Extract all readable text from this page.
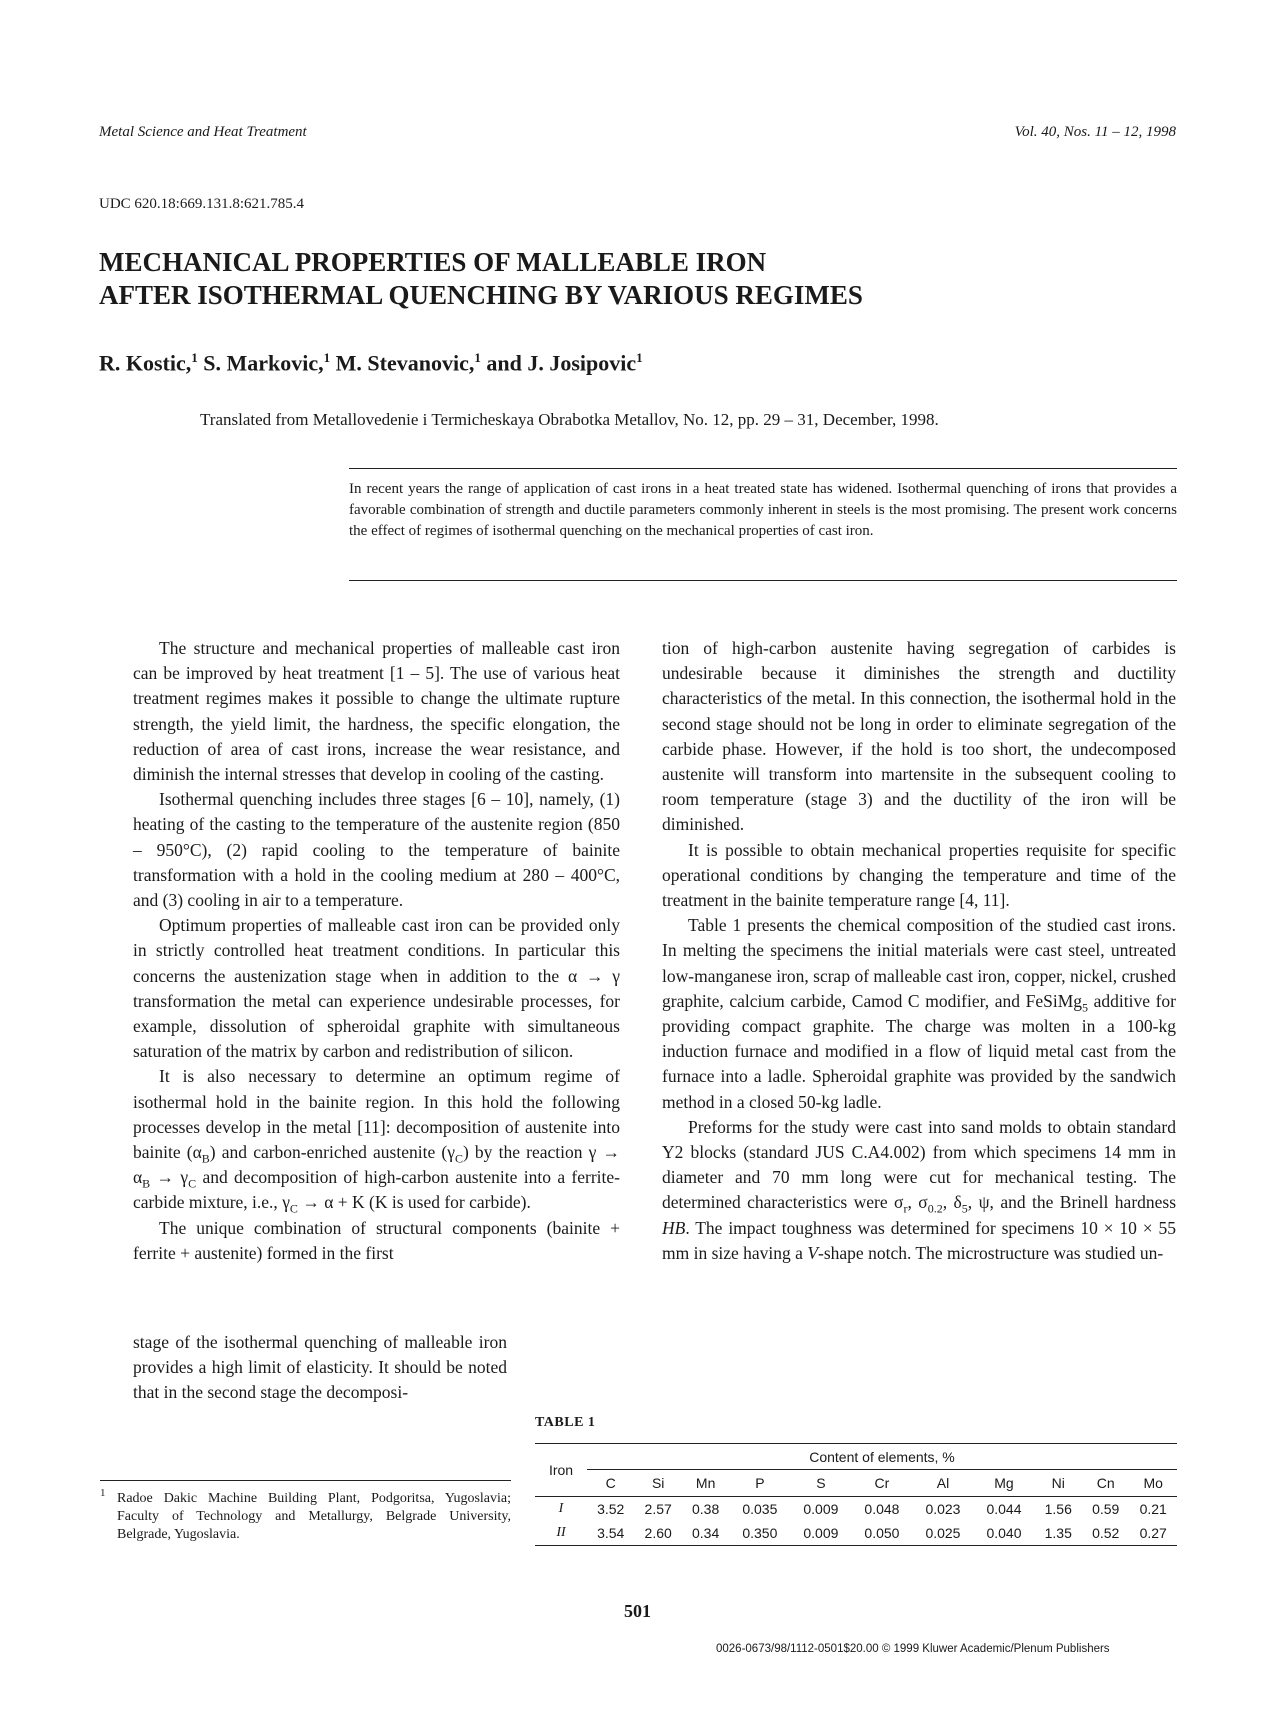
Metal Science and Heat Treatment	Vol. 40, Nos. 11 – 12, 1998
UDC 620.18:669.131.8:621.785.4
MECHANICAL PROPERTIES OF MALLEABLE IRON
AFTER ISOTHERMAL QUENCHING BY VARIOUS REGIMES
R. Kostic,$^1$ S. Markovic,$^1$ M. Stevanovic,$^1$ and J. Josipovic$^1$
Translated from Metallovedenie i Termicheskaya Obrabotka Metallov, No. 12, pp. 29 – 31, December, 1998.
In recent years the range of application of cast irons in a heat treated state has widened. Isothermal quenching of irons that provides a favorable combination of strength and ductile parameters commonly inherent in steels is the most promising. The present work concerns the effect of regimes of isothermal quenching on the mechanical properties of cast iron.

The structure and mechanical properties of malleable cast iron can be improved by heat treatment [1 – 5]. The use of various heat treatment regimes makes it possible to change the ultimate rupture strength, the yield limit, the hardness, the specific elongation, the reduction of area of cast irons, increase the wear resistance, and diminish the internal stresses that develop in cooling of the casting.

Isothermal quenching includes three stages [6 – 10], namely, (1) heating of the casting to the temperature of the austenite region (850 – 950°C), (2) rapid cooling to the temperature of bainite transformation with a hold in the cooling medium at 280 – 400°C, and (3) cooling in air to a temperature.

Optimum properties of malleable cast iron can be provided only in strictly controlled heat treatment conditions. In particular this concerns the austenization stage when in addition to the α → γ transformation the metal can experience undesirable processes, for example, dissolution of spheroidal graphite with simultaneous saturation of the matrix by carbon and redistribution of silicon.

It is also necessary to determine an optimum regime of isothermal hold in the bainite region. In this hold the following processes develop in the metal [11]: decomposition of austenite into bainite $(\alpha_B)$ and carbon-enriched austenite $(\gamma_C)$ by the reaction $\gamma \to \alpha_B \to \gamma_C$ and decomposition of high-carbon austenite into a ferrite-carbide mixture, i.e., $\gamma_C \to \alpha + K$ (K is used for carbide).

The unique combination of structural components (bainite + ferrite + austenite) formed in the first

stage of the isothermal quenching of malleable iron provides a high limit of elasticity. It should be noted that in the second stage the decomposi-

tion of high-carbon austenite having segregation of carbides is undesirable because it diminishes the strength and ductility characteristics of the metal. In this connection, the isothermal hold in the second stage should not be long in order to eliminate segregation of the carbide phase. However, if the hold is too short, the undecomposed austenite will transform into martensite in the subsequent cooling to room temperature (stage 3) and the ductility of the iron will be diminished.

It is possible to obtain mechanical properties requisite for specific operational conditions by changing the temperature and time of the treatment in the bainite temperature range [4, 11].

Table 1 presents the chemical composition of the studied cast irons. In melting the specimens the initial materials were cast steel, untreated low-manganese iron, scrap of malleable cast iron, copper, nickel, crushed graphite, calcium carbide, Camod C modifier, and FeSiMg$_5$ additive for providing compact graphite. The charge was molten in a 100-kg induction furnace and modified in a flow of liquid metal cast from the furnace into a ladle. Spheroidal graphite was provided by the sandwich method in a closed 50-kg ladle.

Preforms for the study were cast into sand molds to obtain standard Y2 blocks (standard JUS C.A4.002) from which specimens 14 mm in diameter and 70 mm long were cut for mechanical testing. The determined characteristics were $\sigma_r$, $\sigma_{0.2}$, $\delta_5$, ψ, and the Brinell hardness HB. The impact toughness was determined for specimens 10 × 10 × 55 mm in size having a V-shape notch. The microstructure was studied un-

1 Radoe Dakic Machine Building Plant, Podgoritsa, Yugoslavia; Faculty of Technology and Metallurgy, Belgrade University, Belgrade, Yugoslavia.
TABLE 1
Iron	Content of elements, %										
	C	Si	Mn	P	S	Cr	Al	Mg	Ni	Cn	Mo
I	3.52	2.57	0.38	0.035	0.009	0.048	0.023	0.044	1.56	0.59	0.21
II	3.54	2.60	0.34	0.350	0.009	0.050	0.025	0.040	1.35	0.52	0.27
501
0026-0673/98/1112-0501$20.00 © 1999 Kluwer Academic/Plenum Publishers
